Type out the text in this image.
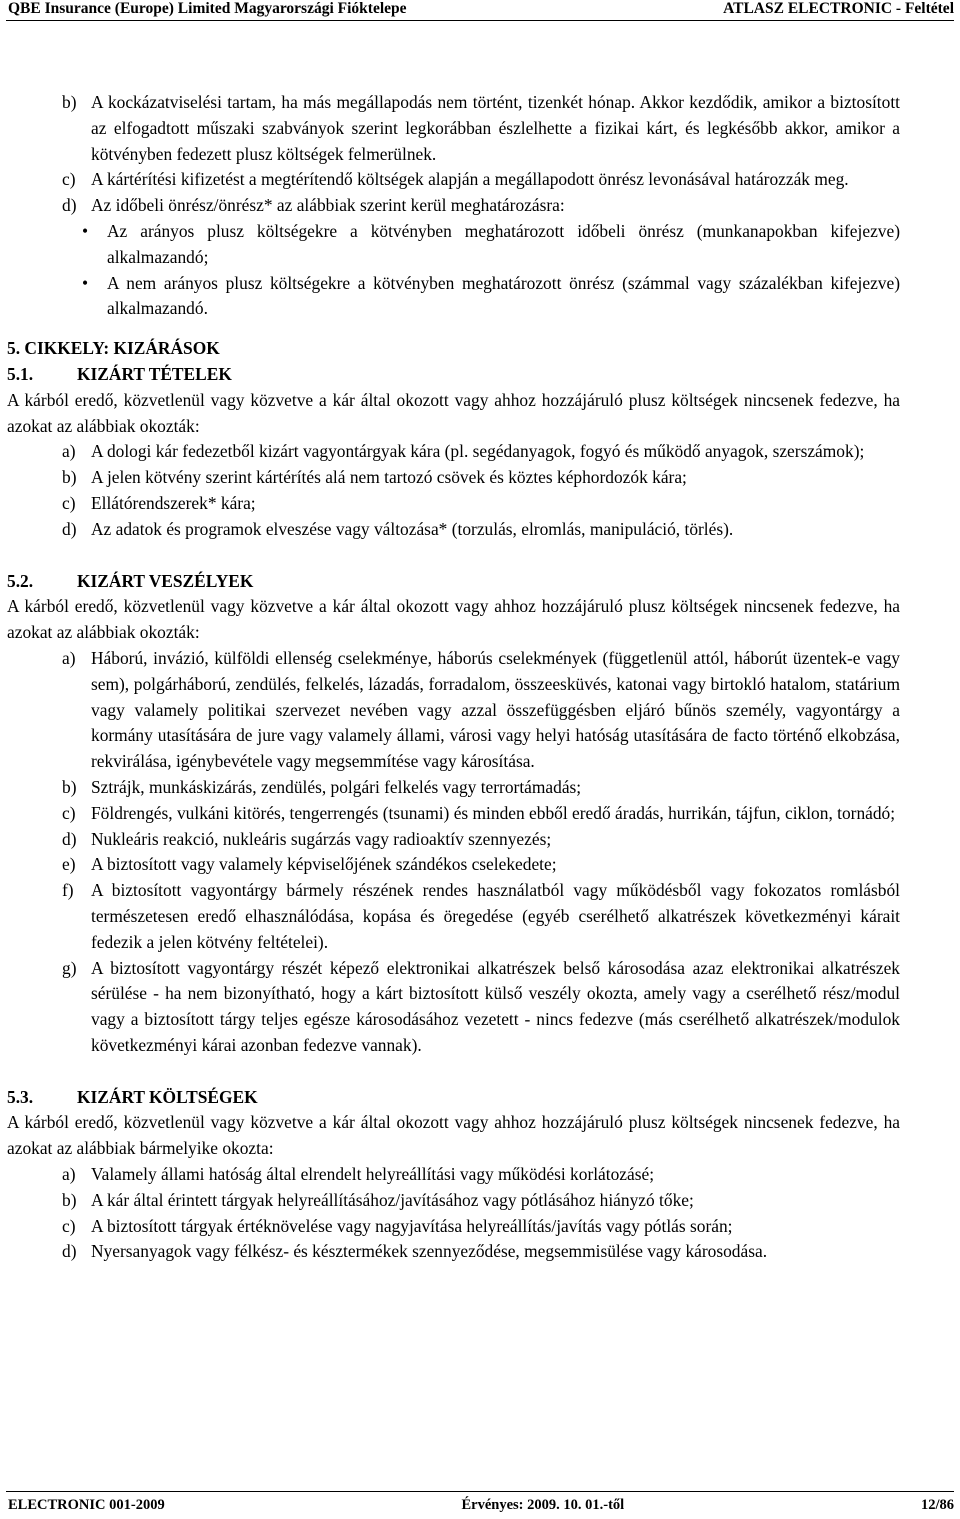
QBE Insurance (Europe) Limited Magyarországi Fióktelepe	ATLASZ ELECTRONIC - Feltétel
b) A kockázatviselési tartam, ha más megállapodás nem történt, tizenkét hónap. Akkor kezdődik, amikor a biztosított az elfogadtott műszaki szabványok szerint legkorábban észlelhette a fizikai kárt, és legkésőbb akkor, amikor a kötvényben fedezett plusz költségek felmerülnek.
c) A kártérítési kifizetést a megtérítendő költségek alapján a megállapodott önrész levonásával határozzák meg.
d) Az időbeli önrész/önrész* az alábbiak szerint kerül meghatározásra:
•	Az arányos plusz költségekre a kötvényben meghatározott időbeli önrész (munkanapokban kifejezve) alkalmazandó;
•	A nem arányos plusz költségekre a kötvényben meghatározott önrész (számmal vagy százalékban kifejezve) alkalmazandó.

5. CIKKELY: KIZÁRÁSOK

5.1.	KIZÁRT TÉTELEK

A kárból eredő, közvetlenül vagy közvetve a kár által okozott vagy ahhoz hozzájáruló plusz költségek nincsenek fedezve, ha azokat az alábbiak okozták:

a) A dologi kár fedezetből kizárt vagyontárgyak kára (pl. segédanyagok, fogyó és működő anyagok, szerszámok);
b) A jelen kötvény szerint kártérítés alá nem tartozó csövek és köztes képhordozók kára;
c) Ellátórendszerek* kára;
d) Az adatok és programok elveszése vagy változása* (torzulás, elromlás, manipuláció, törlés).

5.2.	KIZÁRT VESZÉLYEK

A kárból eredő, közvetlenül vagy közvetve a kár által okozott vagy ahhoz hozzájáruló plusz költségek nincsenek fedezve, ha azokat az alábbiak okozták:

a) Háború, invázió, külföldi ellenség cselekménye, háborús cselekmények (függetlenül attól, háborút üzentek-e vagy sem), polgárháború, zendülés, felkelés, lázadás, forradalom, összeesküvés, katonai vagy birtokló hatalom, statárium vagy valamely politikai szervezet nevében vagy azzal összefüggésben eljáró bűnös személy, vagyontárgy a kormány utasítására de jure vagy valamely állami, városi vagy helyi hatóság utasítására de facto történő elkobzása, rekvirálása, igénybevétele vagy megsemmítése vagy károsítása.
b) Sztrájk, munkáskizárás, zendülés, polgári felkelés vagy terrortámadás;
c) Földrengés, vulkáni kitörés, tengerrengés (tsunami) és minden ebből eredő áradás, hurrikán, tájfun, ciklon, tornádó;
d) Nukleáris reakció, nukleáris sugárzás vagy radioaktív szennyezés;
e) A biztosított vagy valamely képviselőjének szándékos cselekedete;
f)	A biztosított vagyontárgy bármely részének rendes használatból vagy működésből vagy fokozatos romlásból természetesen eredő elhasználódása, kopása és öregedése (egyéb cserélhető alkatrészek következményi kárait fedezik a jelen kötvény feltételei).
g) A biztosított vagyontárgy részét képező elektronikai alkatrészek belső károsodása azaz elektronikai alkatrészek sérülése - ha nem bizonyítható, hogy a kárt biztosított külső veszély okozta, amely vagy a cserélhető rész/modul vagy a biztosított tárgy teljes egésze károsodásához vezetett - nincs fedezve (más cserélhető alkatrészek/modulok következményi kárai azonban fedezve vannak).

5.3.	KIZÁRT KÖLTSÉGEK

A kárból eredő, közvetlenül vagy közvetve a kár által okozott vagy ahhoz hozzájáruló plusz költségek nincsenek fedezve, ha azokat az alábbiak bármelyike okozta:

a) Valamely állami hatóság által elrendelt helyreállítási vagy működési korlátozásé;
b) A kár által érintett tárgyak helyreállításához/javításához vagy pótlásához hiányzó tőke;
c) A biztosított tárgyak értéknövelése vagy nagyjavítása helyreállítás/javítás vagy pótlás során;
d) Nyersanyagok vagy félkész- és késztermékek szennyeződése, megsemmisülése vagy károsodása.
ELECTRONIC 001-2009	Érvényes: 2009. 10. 01.-től	12/86
